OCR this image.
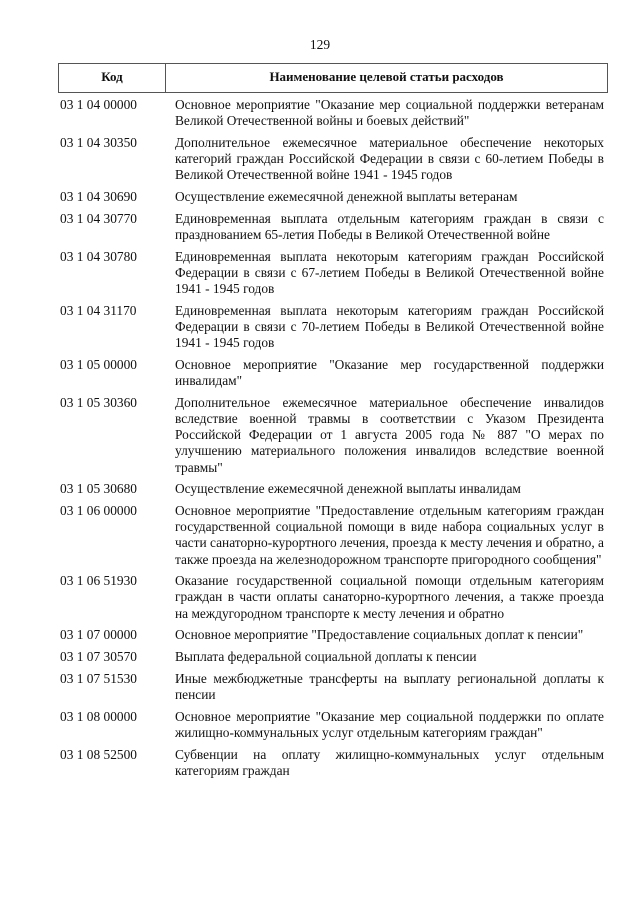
129
Код	Наименование целевой статьи расходов
03 1 04 00000	Основное мероприятие "Оказание мер социальной поддержки ветеранам Великой Отечественной войны и боевых действий"
03 1 04 30350	Дополнительное ежемесячное материальное обеспечение некоторых категорий граждан Российской Федерации в связи с 60-летием Победы в Великой Отечественной войне 1941 - 1945 годов
03 1 04 30690	Осуществление ежемесячной денежной выплаты ветеранам
03 1 04 30770	Единовременная выплата отдельным категориям граждан в связи с празднованием 65-летия Победы в Великой Отечественной войне
03 1 04 30780	Единовременная выплата некоторым категориям граждан Российской Федерации в связи с 67-летием Победы в Великой Отечественной войне 1941 - 1945 годов
03 1 04 31170	Единовременная выплата некоторым категориям граждан Российской Федерации в связи с 70-летием Победы в Великой Отечественной войне 1941 - 1945 годов
03 1 05 00000	Основное мероприятие "Оказание мер государственной поддержки инвалидам"
03 1 05 30360	Дополнительное ежемесячное материальное обеспечение инвалидов вследствие военной травмы в соответствии с Указом Президента Российской Федерации от 1 августа 2005 года № 887 "О мерах по улучшению материального положения инвалидов вследствие военной травмы"
03 1 05 30680	Осуществление ежемесячной денежной выплаты инвалидам
03 1 06 00000	Основное мероприятие "Предоставление отдельным категориям граждан государственной социальной помощи в виде набора социальных услуг в части санаторно-курортного лечения, проезда к месту лечения и обратно, а также проезда на железнодорожном транспорте пригородного сообщения"
03 1 06 51930	Оказание государственной социальной помощи отдельным категориям граждан в части оплаты санаторно-курортного лечения, а также проезда на междугородном транспорте к месту лечения и обратно
03 1 07 00000	Основное мероприятие "Предоставление социальных доплат к пенсии"
03 1 07 30570	Выплата федеральной социальной доплаты к пенсии
03 1 07 51530	Иные межбюджетные трансферты на выплату региональной доплаты к пенсии
03 1 08 00000	Основное мероприятие "Оказание мер социальной поддержки по оплате жилищно-коммунальных услуг отдельным категориям граждан"
03 1 08 52500	Субвенции на оплату жилищно-коммунальных услуг отдельным категориям граждан
